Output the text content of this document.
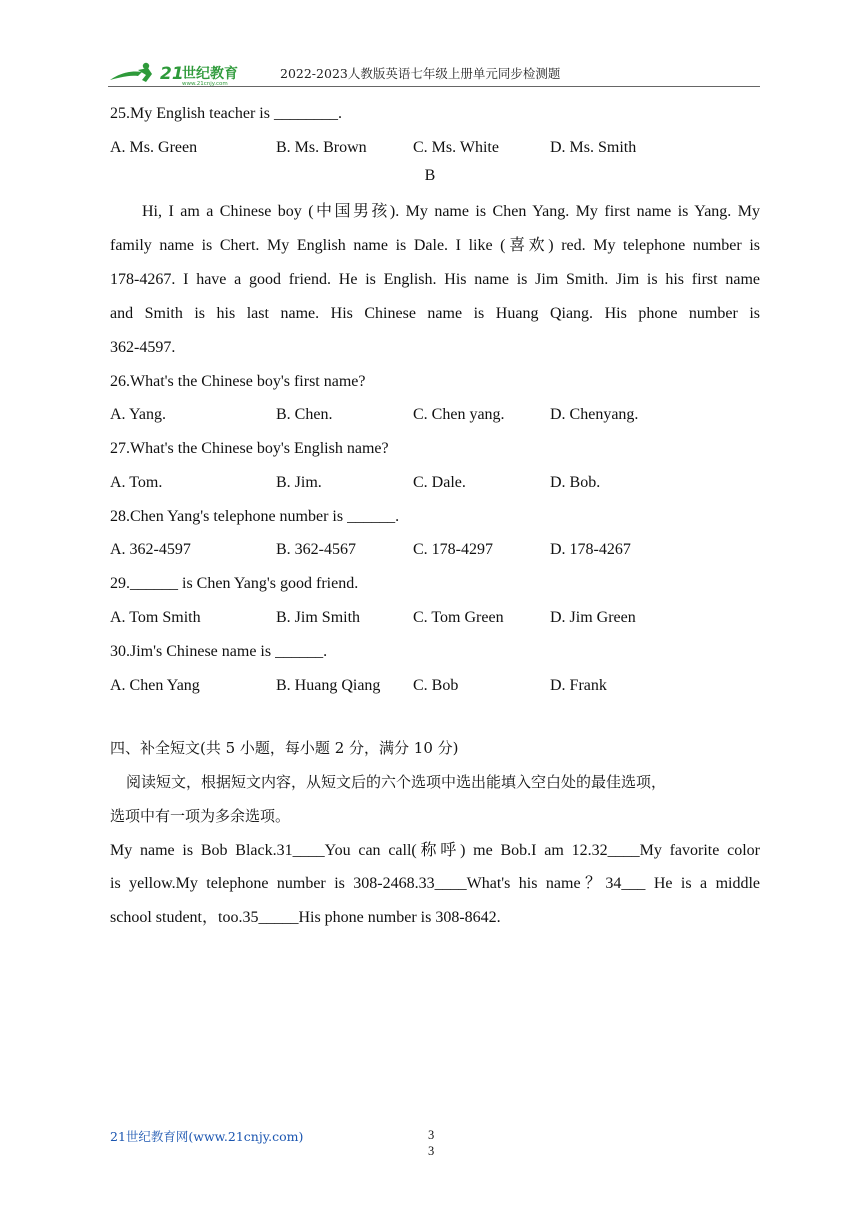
21
世纪教育
www.21cnjy.com
2022-2023人教版英语七年级上册单元同步检测题
25.My English teacher is ________.
A. Ms. Green	B. Ms. Brown	C. Ms. White	D. Ms. Smith
B
Hi, I am a Chinese boy (中国男孩). My name is Chen Yang. My first name is Yang. My
family name is Chert. My English name is Dale. I like (喜欢) red. My telephone number is
178-4267. I have a good friend. He is English. His name is Jim Smith. Jim is his first name
and Smith is his last name. His Chinese name is Huang Qiang. His phone number is
362-4597.
26.What's the Chinese boy's first name?
A. Yang.	B. Chen.	C. Chen yang.	D. Chenyang.
27.What's the Chinese boy's English name?
A. Tom.	B. Jim.	C. Dale.	D. Bob.
28.Chen Yang's telephone number is ______.
A. 362-4597	B. 362-4567	C. 178-4297	D. 178-4267
29.______ is Chen Yang's good friend.
A. Tom Smith	B. Jim Smith	C. Tom Green	D. Jim Green
30.Jim's Chinese name is ______.
A. Chen Yang	B. Huang Qiang C. Bob	D. Frank
四、补全短文(共 5 小题，每小题 2 分，满分 10 分)
阅读短文，根据短文内容，从短文后的六个选项中选出能填入空白处的最佳选项，
选项中有一项为多余选项。
My name is Bob Black.31____You can call(称呼) me Bob.I am 12.32____My favorite color
is yellow.My telephone number is 308-2468.33____What's his name？34___ He is a middle
school student，too.35_____His phone number is 308-8642.
21世纪教育网(www.21cnjy.com)	3
3
